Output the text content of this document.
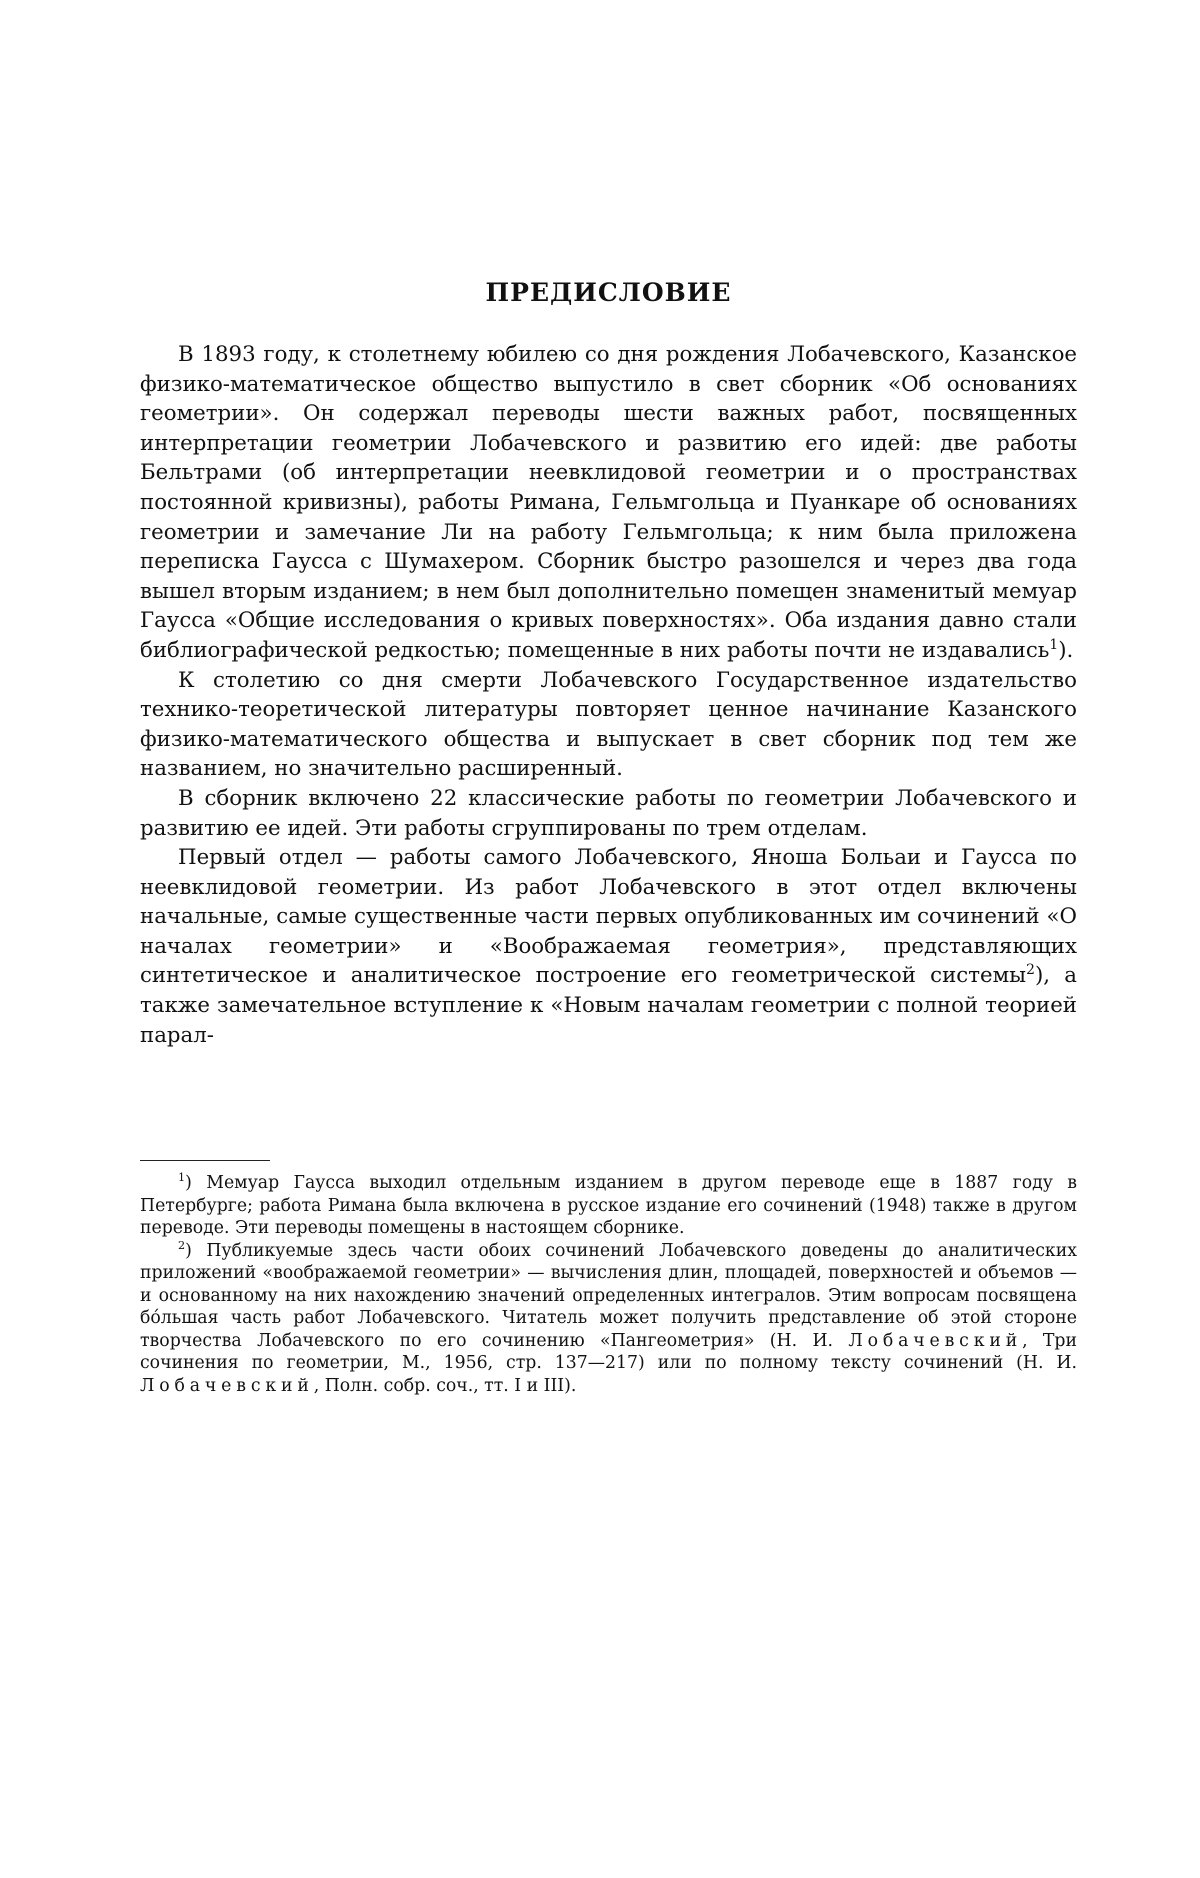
ПРЕДИСЛОВИЕ

В 1893 году, к столетнему юбилею со дня рождения Лобачевского, Казанское физико-математическое общество выпустило в свет сборник «Об основаниях геометрии». Он содержал переводы шести важных работ, посвященных интерпретации геометрии Лобачевского и развитию его идей: две работы Бельтрами (об интерпретации неевклидовой геометрии и о пространствах постоянной кривизны), работы Римана, Гельмгольца и Пуанкаре об основаниях геометрии и замечание Ли на работу Гельмгольца; к ним была приложена переписка Гаусса с Шумахером. Сборник быстро разошелся и через два года вышел вторым изданием; в нем был дополнительно помещен знаменитый мемуар Гаусса «Общие исследования о кривых поверхностях». Оба издания давно стали библиографической редкостью; помещенные в них работы почти не издавались$^1$).

К столетию со дня смерти Лобачевского Государственное издательство технико-теоретической литературы повторяет ценное начинание Казанского физико-математического общества и выпускает в свет сборник под тем же названием, но значительно расширенный.

В сборник включено 22 классические работы по геометрии Лобачевского и развитию ее идей. Эти работы сгруппированы по трем отделам.

Первый отдел — работы самого Лобачевского, Яноша Больаи и Гаусса по неевклидовой геометрии. Из работ Лобачевского в этот отдел включены начальные, самые существенные части первых опубликованных им сочинений «О началах геометрии» и «Воображаемая геометрия», представляющих синтетическое и аналитическое построение его геометрической системы$^2$), а также замечательное вступление к «Новым началам геометрии с полной теорией парал-

$^1$) Мемуар Гаусса выходил отдельным изданием в другом переводе еще в 1887 году в Петербурге; работа Римана была включена в русское издание его сочинений (1948) также в другом переводе. Эти переводы помещены в настоящем сборнике.

$^2$) Публикуемые здесь части обоих сочинений Лобачевского доведены до аналитических приложений «воображаемой геометрии» — вычисления длин, площадей, поверхностей и объемов — и основанному на них нахождению значений определенных интегралов. Этим вопросам посвящена бóльшая часть работ Лобачевского. Читатель может получить представление об этой стороне творчества Лобачевского по его сочинению «Пангеометрия» (Н. И. Лобачевский, Три сочинения по геометрии, М., 1956, стр. 137—217) или по полному тексту сочинений (Н. И. Лобачевский, Полн. собр. соч., тт. I и III).
